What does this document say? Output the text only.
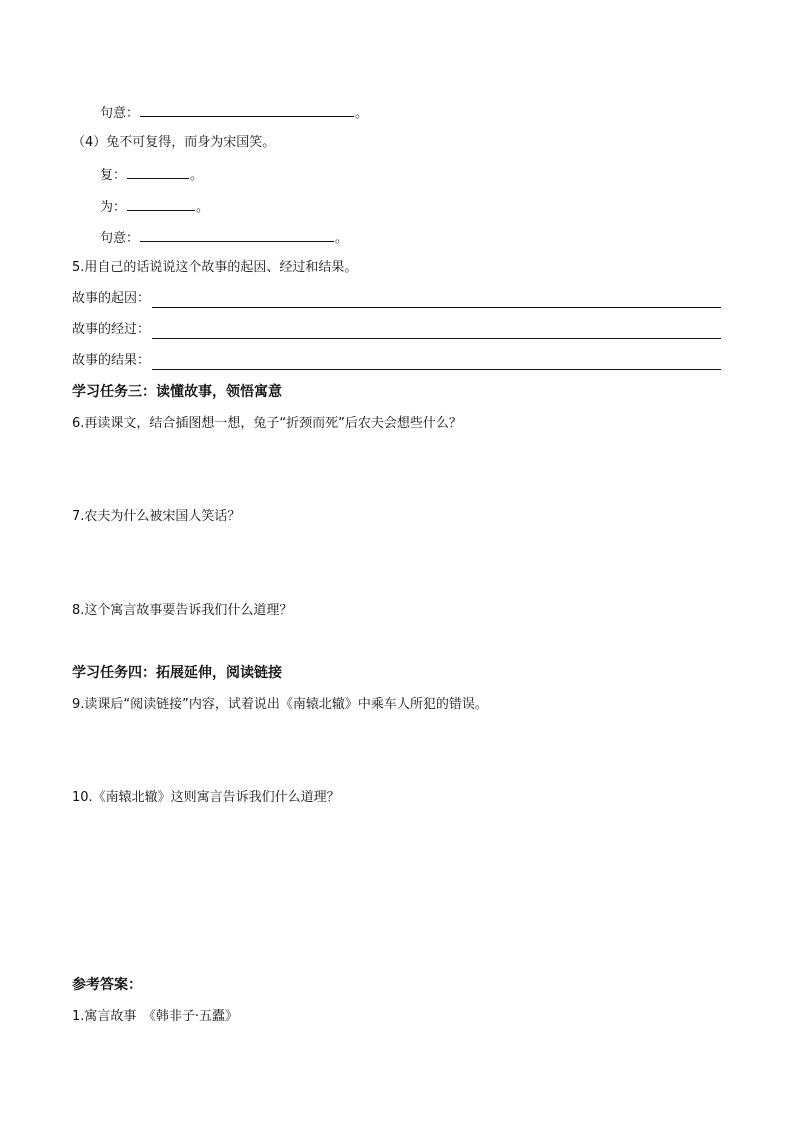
句意：	。
（4）兔不可复得，而身为宋国笑。
复：	。
为：	。
句意：	。
5.用自己的话说说这个故事的起因、经过和结果。
故事的起因：
故事的经过：
故事的结果：
学习任务三：读懂故事，领悟寓意
6.再读课文，结合插图想一想，兔子“折颈而死”后农夫会想些什么？
7.农夫为什么被宋国人笑话？
8.这个寓言故事要告诉我们什么道理？
学习任务四：拓展延伸，阅读链接
9.读课后“阅读链接”内容，试着说出《南辕北辙》中乘车人所犯的错误。
10.《南辕北辙》这则寓言告诉我们什么道理？
参考答案：
1.寓言故事　《韩非子·五蠹》
